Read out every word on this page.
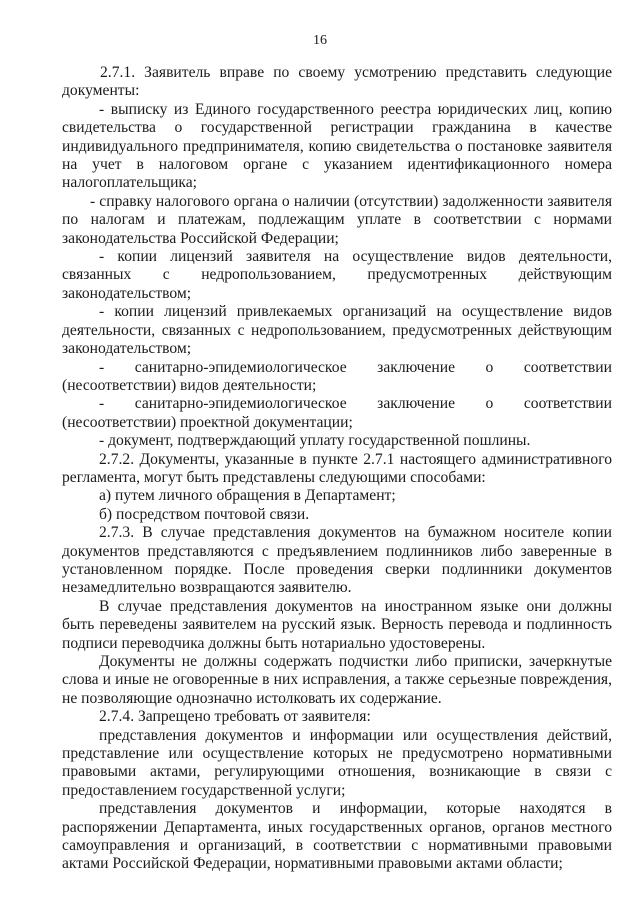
16

2.7.1. Заявитель вправе по своему усмотрению представить следующие документы:

- выписку из Единого государственного реестра юридических лиц, копию свидетельства о государственной регистрации гражданина в качестве индивидуального предпринимателя, копию свидетельства о постановке заявителя на учет в налоговом органе с указанием идентификационного номера налогоплательщика;

- справку налогового органа о наличии (отсутствии) задолженности заявителя по налогам и платежам, подлежащим уплате в соответствии с нормами законодательства Российской Федерации;

- копии лицензий заявителя на осуществление видов деятельности, связанных с недропользованием, предусмотренных действующим законодательством;

- копии лицензий привлекаемых организаций на осуществление видов деятельности, связанных с недропользованием, предусмотренных действующим законодательством;

- санитарно-эпидемиологическое заключение о соответствии (несоответствии) видов деятельности;

- санитарно-эпидемиологическое заключение о соответствии (несоответствии) проектной документации;

- документ, подтверждающий уплату государственной пошлины.

2.7.2. Документы, указанные в пункте 2.7.1 настоящего административного регламента, могут быть представлены следующими способами:

а) путем личного обращения в Департамент;

б) посредством почтовой связи.

2.7.3. В случае представления документов на бумажном носителе копии документов представляются с предъявлением подлинников либо заверенные в установленном порядке. После проведения сверки подлинники документов незамедлительно возвращаются заявителю.

В случае представления документов на иностранном языке они должны быть переведены заявителем на русский язык. Верность перевода и подлинность подписи переводчика должны быть нотариально удостоверены.

Документы не должны содержать подчистки либо приписки, зачеркнутые слова и иные не оговоренные в них исправления, а также серьезные повреждения, не позволяющие однозначно истолковать их содержание.

2.7.4. Запрещено требовать от заявителя:

представления документов и информации или осуществления действий, представление или осуществление которых не предусмотрено нормативными правовыми актами, регулирующими отношения, возникающие в связи с предоставлением государственной услуги;

представления документов и информации, которые находятся в распоряжении Департамента, иных государственных органов, органов местного самоуправления и организаций, в соответствии с нормативными правовыми актами Российской Федерации, нормативными правовыми актами области;
